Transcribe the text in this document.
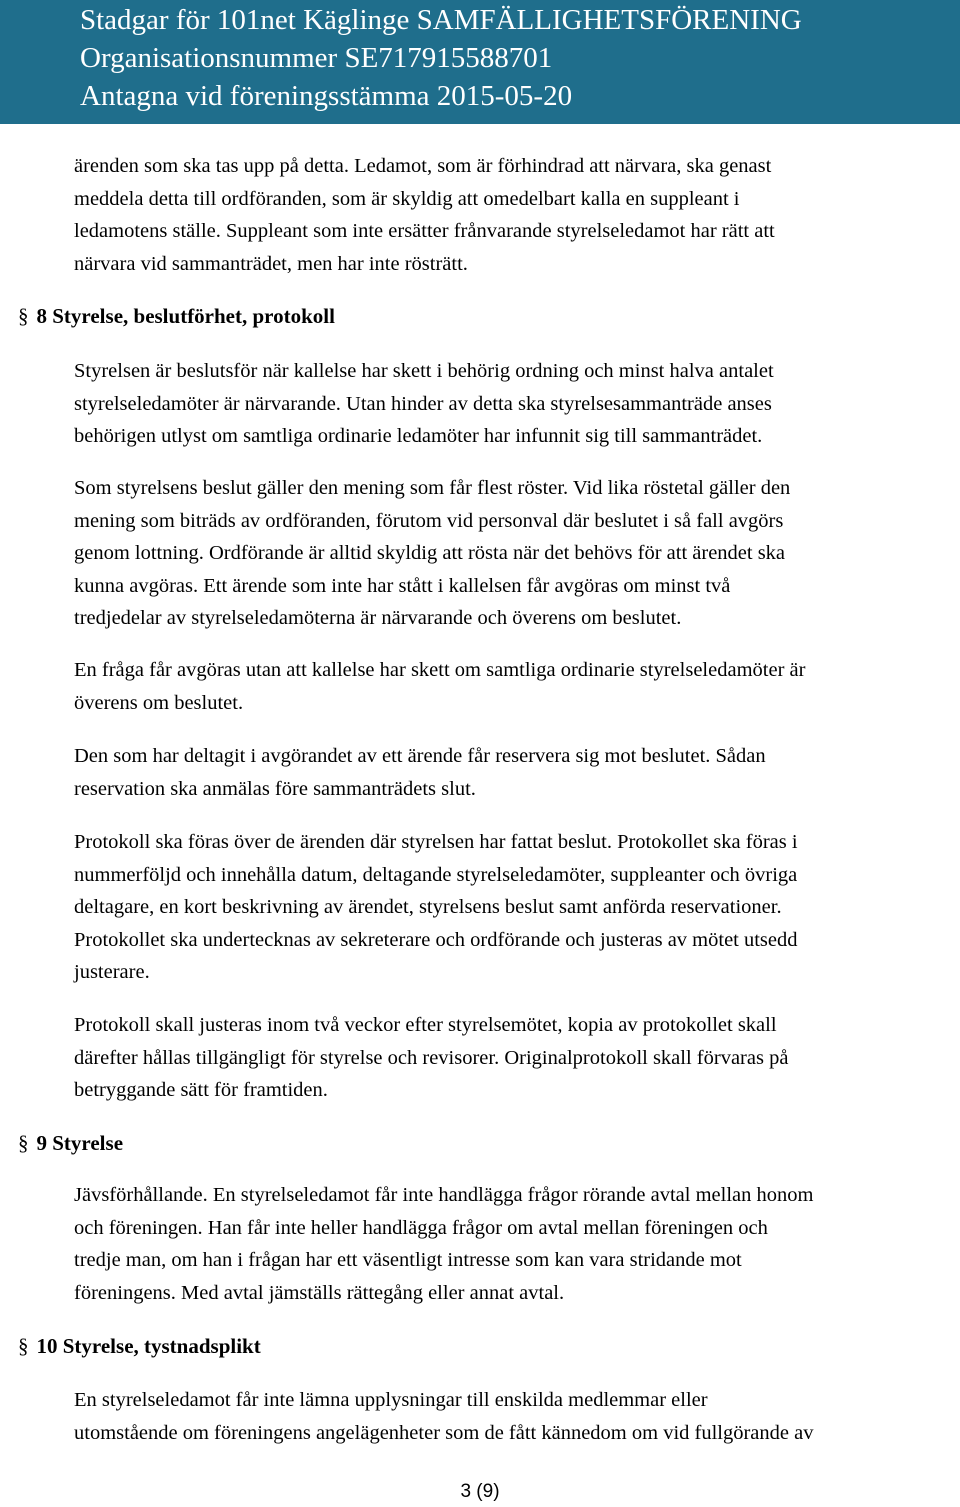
Stadgar för 101net Käglinge SAMFÄLLIGHETSFÖRENING
Organisationsnummer SE717915588701
Antagna vid föreningsstämma 2015-05-20
ärenden som ska tas upp på detta. Ledamot, som är förhindrad att närvara, ska genast
meddela detta till ordföranden, som är skyldig att omedelbart kalla en suppleant i
ledamotens ställe. Suppleant som inte ersätter frånvarande styrelseledamot har rätt att
närvara vid sammanträdet, men har inte rösträtt.
§ 8 Styrelse, beslutförhet, protokoll
Styrelsen är beslutsför när kallelse har skett i behörig ordning och minst halva antalet
styrelseledamöter är närvarande. Utan hinder av detta ska styrelsesammanträde anses
behörigen utlyst om samtliga ordinarie ledamöter har infunnit sig till sammanträdet.
Som styrelsens beslut gäller den mening som får flest röster. Vid lika röstetal gäller den
mening som biträds av ordföranden, förutom vid personval där beslutet i så fall avgörs
genom lottning. Ordförande är alltid skyldig att rösta när det behövs för att ärendet ska
kunna avgöras. Ett ärende som inte har stått i kallelsen får avgöras om minst två
tredjedelar av styrelseledamöterna är närvarande och överens om beslutet.
En fråga får avgöras utan att kallelse har skett om samtliga ordinarie styrelseledamöter är
överens om beslutet.
Den som har deltagit i avgörandet av ett ärende får reservera sig mot beslutet. Sådan
reservation ska anmälas före sammanträdets slut.
Protokoll ska föras över de ärenden där styrelsen har fattat beslut. Protokollet ska föras i
nummerföljd och innehålla datum, deltagande styrelseledamöter, suppleanter och övriga
deltagare, en kort beskrivning av ärendet, styrelsens beslut samt anförda reservationer.
Protokollet ska undertecknas av sekreterare och ordförande och justeras av mötet utsedd
justerare.
Protokoll skall justeras inom två veckor efter styrelsemötet, kopia av protokollet skall
därefter hållas tillgängligt för styrelse och revisorer. Originalprotokoll skall förvaras på
betryggande sätt för framtiden.
§ 9 Styrelse
Jävsförhållande. En styrelseledamot får inte handlägga frågor rörande avtal mellan honom
och föreningen. Han får inte heller handlägga frågor om avtal mellan föreningen och
tredje man, om han i frågan har ett väsentligt intresse som kan vara stridande mot
föreningens. Med avtal jämställs rättegång eller annat avtal.
§ 10 Styrelse, tystnadsplikt
En styrelseledamot får inte lämna upplysningar till enskilda medlemmar eller
utomstående om föreningens angelägenheter som de fått kännedom om vid fullgörande av
3 (9)
